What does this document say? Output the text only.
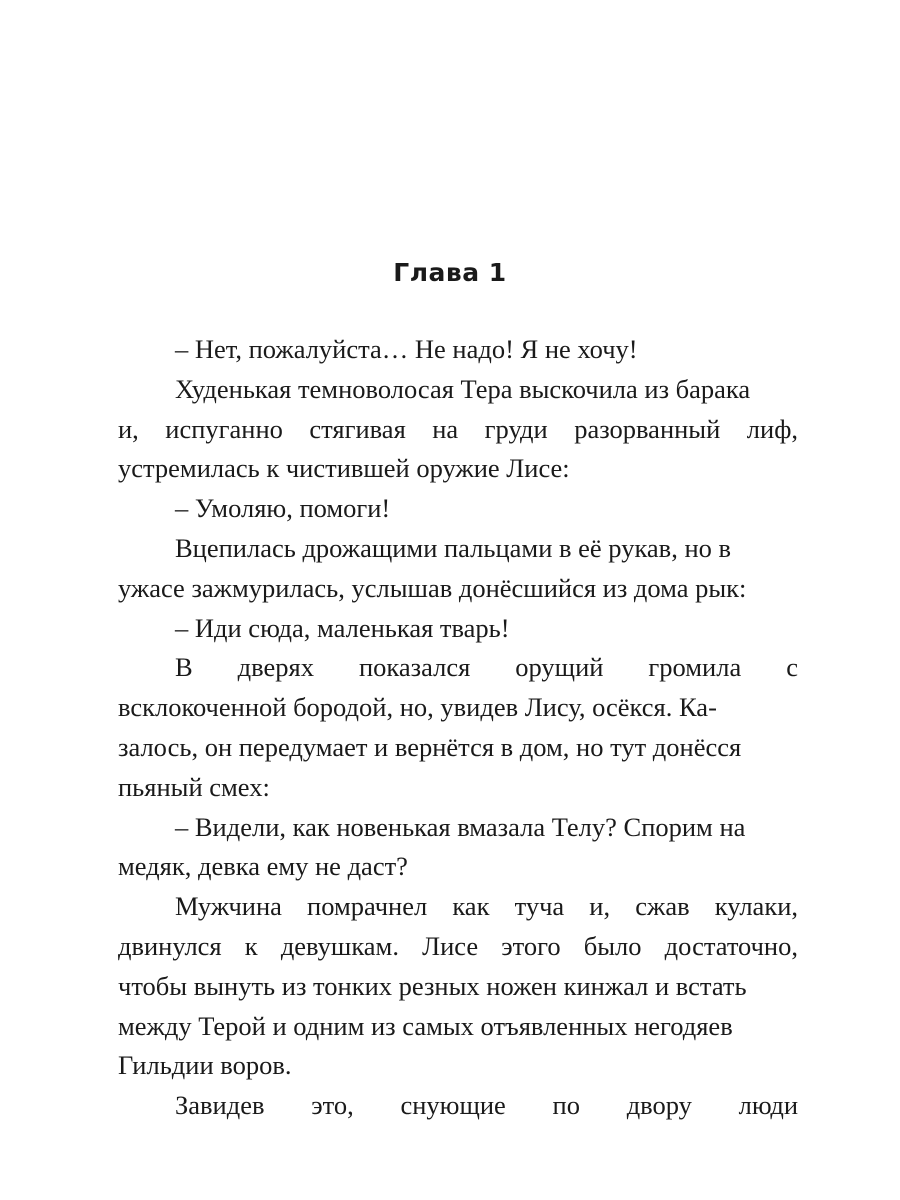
Глава 1
– Нет, пожалуйста… Не надо! Я не хочу!
Худенькая темноволосая Тера выскочила из барака
и, испуганно стягивая на груди разорванный лиф,
устремилась к чистившей оружие Лисе:
– Умоляю, помоги!
Вцепилась дрожащими пальцами в её рукав, но в
ужасе зажмурилась, услышав донёсшийся из дома рык:
– Иди сюда, маленькая тварь!
В дверях показался орущий громила с
всклокоченной бородой, но, увидев Лису, осёкся. Ка-
залось, он передумает и вернётся в дом, но тут донёсся
пьяный смех:
– Видели, как новенькая вмазала Телу? Спорим на
медяк, девка ему не даст?
Мужчина помрачнел как туча и, сжав кулаки,
двинулся к девушкам. Лисе этого было достаточно,
чтобы вынуть из тонких резных ножен кинжал и встать
между Терой и одним из самых отъявленных негодяев
Гильдии воров.
Завидев это, снующие по двору люди
